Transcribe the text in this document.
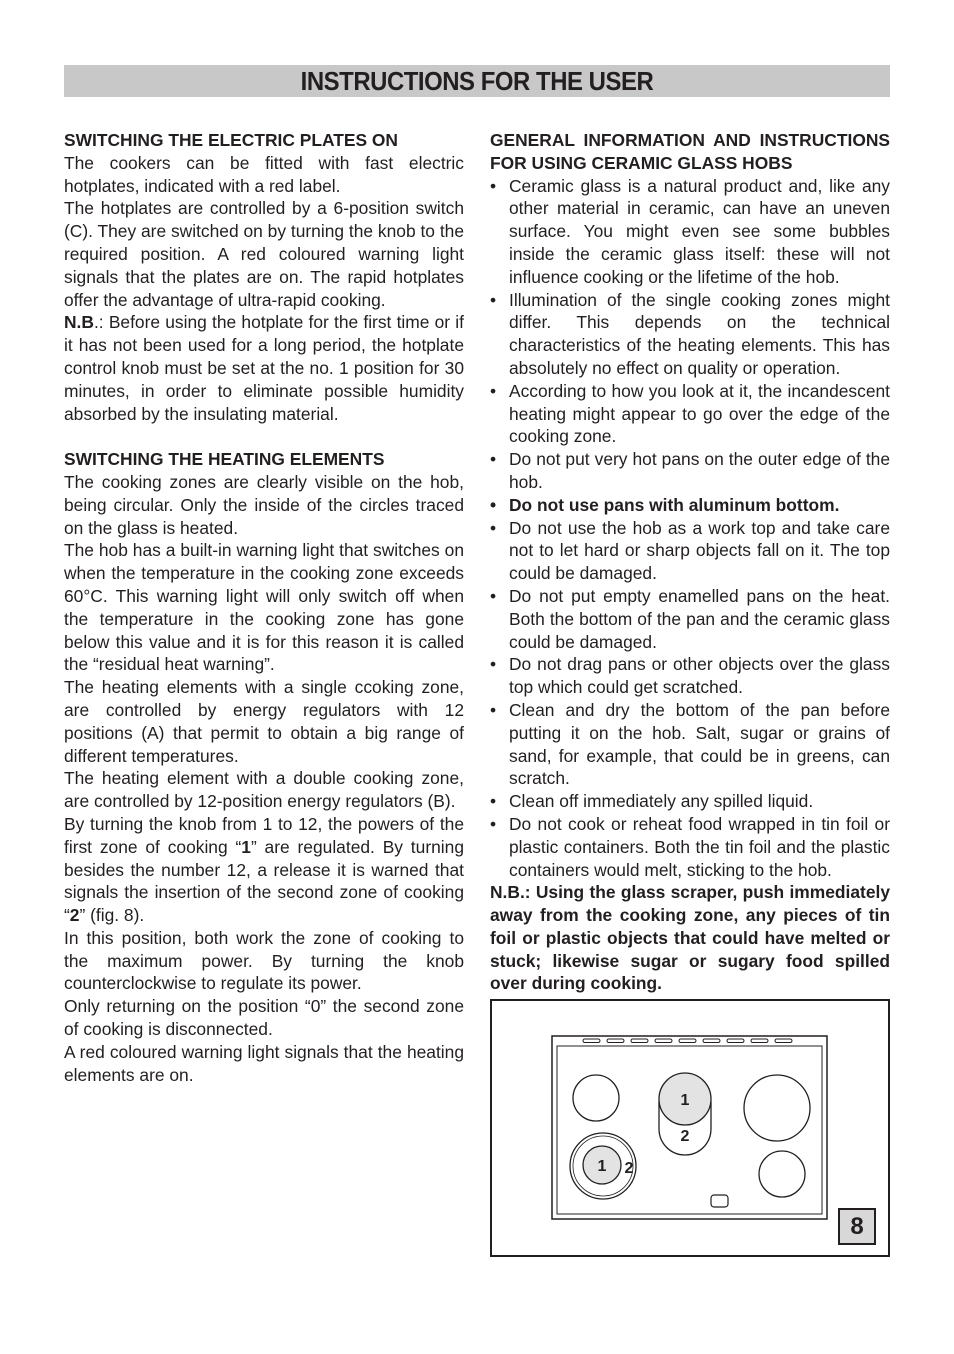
INSTRUCTIONS FOR THE USER
SWITCHING THE ELECTRIC PLATES ON

The cookers can be fitted with fast electric hotplates, indicated with a red label.

The hotplates are controlled by a 6-position switch (C). They are switched on by turning the knob to the required position. A red coloured warning light signals that the plates are on. The rapid hotplates offer the advantage of ultra-rapid cooking.

N.B.: Before using the hotplate for the first time or if it has not been used for a long period, the hotplate control knob must be set at the no. 1 position for 30 minutes, in order to eliminate possible humidity absorbed by the insulating material.

SWITCHING THE HEATING ELEMENTS

The cooking zones are clearly visible on the hob, being circular. Only the inside of the circles traced on the glass is heated.

The hob has a built-in warning light that switches on when the temperature in the cooking zone exceeds 60°C. This warning light will only switch off when the temperature in the cooking zone has gone below this value and it is for this reason it is called the “residual heat warning”.

The heating elements with a single ccoking zone, are controlled by energy regulators with 12 positions (A) that permit to obtain a big range of different temperatures.

The heating element with a double cooking zone, are controlled by 12-position energy regulators (B).

By turning the knob from 1 to 12, the powers of the first zone of cooking “1” are regulated. By turning besides the number 12, a release it is warned that signals the insertion of the second zone of cooking “2” (fig. 8).

In this position, both work the zone of cooking to the maximum power. By turning the knob counterclockwise to regulate its power.

Only returning on the position “0” the second zone of cooking is disconnected.

A red coloured warning light signals that the heating elements are on.

GENERAL INFORMATION AND INSTRUCTIONS FOR USING CERAMIC GLASS HOBS
• Ceramic glass is a natural product and, like any other material in ceramic, can have an uneven surface. You might even see some bubbles inside the ceramic glass itself: these will not influence cooking or the lifetime of the hob.
• Illumination of the single cooking zones might differ. This depends on the technical characteristics of the heating elements. This has absolutely no effect on quality or operation.
• According to how you look at it, the incandescent heating might appear to go over the edge of the cooking zone.
• Do not put very hot pans on the outer edge of the hob.
• Do not use pans with aluminum bottom.
• Do not use the hob as a work top and take care not to let hard or sharp objects fall on it. The top could be damaged.
• Do not put empty enamelled pans on the heat. Both the bottom of the pan and the ceramic glass could be damaged.
• Do not drag pans or other objects over the glass top which could get scratched.
• Clean and dry the bottom of the pan before putting it on the hob. Salt, sugar or grains of sand, for example, that could be in greens, can scratch.
• Clean off immediately any spilled liquid.
• Do not cook or reheat food wrapped in tin foil or plastic containers. Both the tin foil and the plastic containers would melt, sticking to the hob.

N.B.: Using the glass scraper, push immediately away from the cooking zone, any pieces of tin foil or plastic objects that could have melted or stuck; likewise sugar or sugary food spilled over during cooking.

1
2
1 2
8
